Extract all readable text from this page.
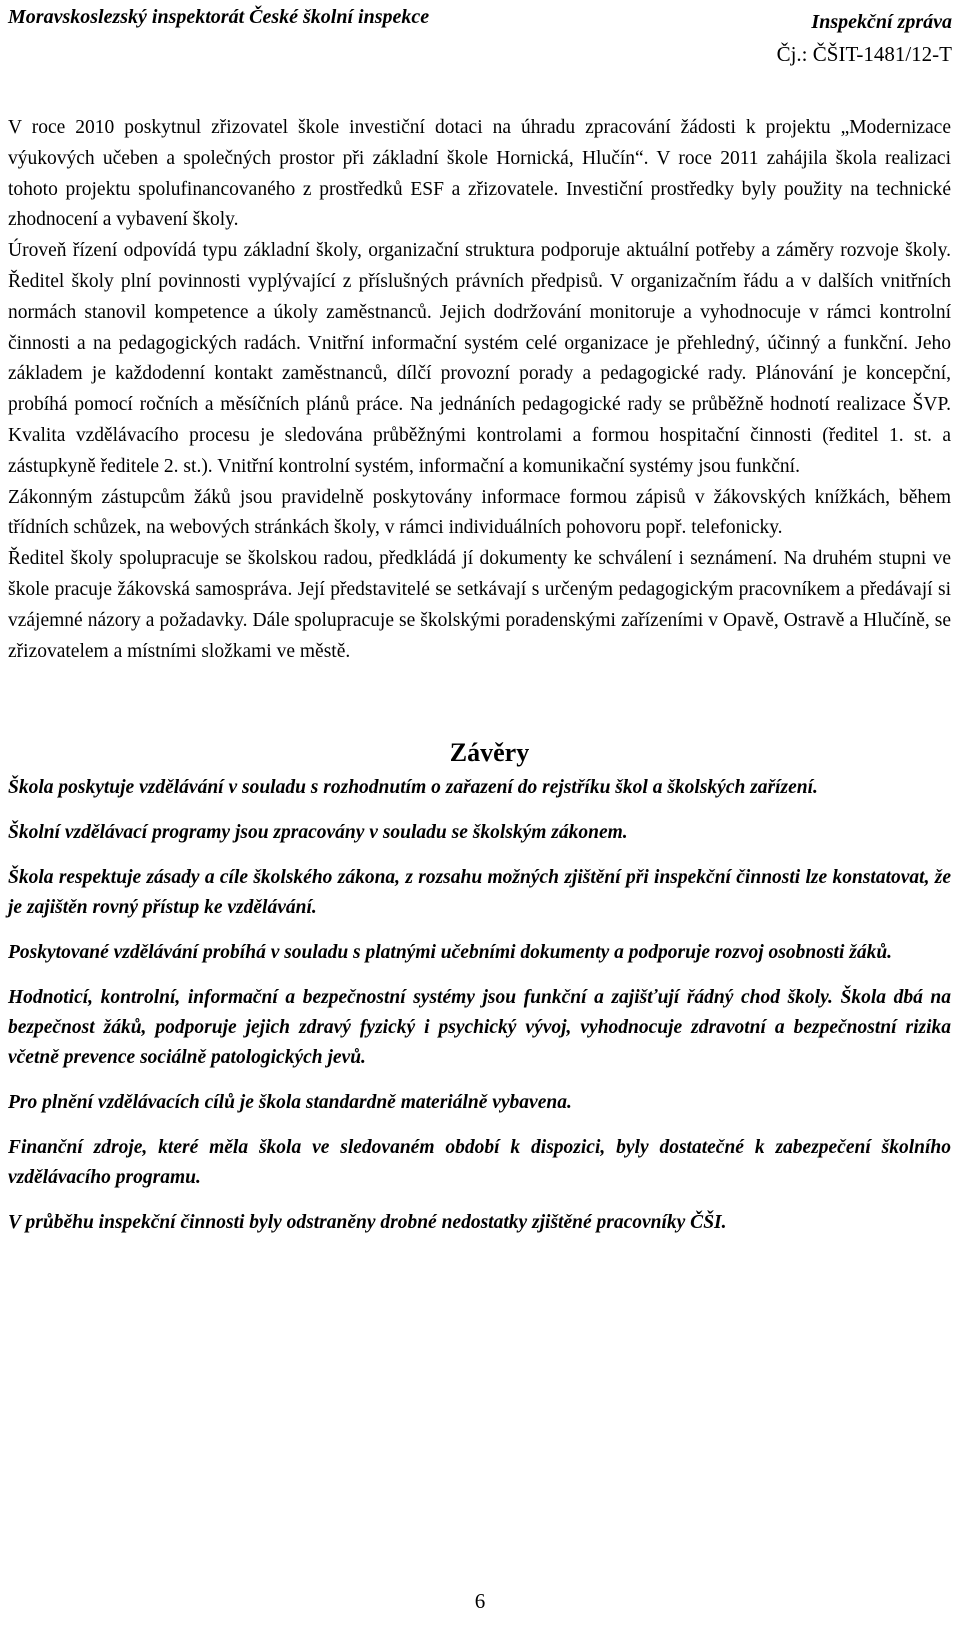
Moravskoslezský inspektorát České školní inspekce	Inspekční zpráva
Čj.: ČŠIT-1481/12-T

V roce 2010 poskytnul zřizovatel škole investiční dotaci na úhradu zpracování žádosti k projektu „Modernizace výukových učeben a společných prostor při základní škole Hornická, Hlučín“. V roce 2011 zahájila škola realizaci tohoto projektu spolufinancovaného z prostředků ESF a zřizovatele. Investiční prostředky byly použity na technické zhodnocení a vybavení školy.

Úroveň řízení odpovídá typu základní školy, organizační struktura podporuje aktuální potřeby a záměry rozvoje školy. Ředitel školy plní povinnosti vyplývající z příslušných právních předpisů. V organizačním řádu a v dalších vnitřních normách stanovil kompetence a úkoly zaměstnanců. Jejich dodržování monitoruje a vyhodnocuje v rámci kontrolní činnosti a na pedagogických radách. Vnitřní informační systém celé organizace je přehledný, účinný a funkční. Jeho základem je každodenní kontakt zaměstnanců, dílčí provozní porady a pedagogické rady. Plánování je koncepční, probíhá pomocí ročních a měsíčních plánů práce. Na jednáních pedagogické rady se průběžně hodnotí realizace ŠVP. Kvalita vzdělávacího procesu je sledována průběžnými kontrolami a formou hospitační činnosti (ředitel 1. st. a zástupkyně ředitele 2. st.). Vnitřní kontrolní systém, informační a komunikační systémy jsou funkční.

Zákonným zástupcům žáků jsou pravidelně poskytovány informace formou zápisů v žákovských knížkách, během třídních schůzek, na webových stránkách školy, v rámci individuálních pohovoru popř. telefonicky.

Ředitel školy spolupracuje se školskou radou, předkládá jí dokumenty ke schválení i seznámení. Na druhém stupni ve škole pracuje žákovská samospráva. Její představitelé se setkávají s určeným pedagogickým pracovníkem a předávají si vzájemné názory a požadavky. Dále spolupracuje se školskými poradenskými zařízeními v Opavě, Ostravě a Hlučíně, se zřizovatelem a místními složkami ve městě.

Závěry

Škola poskytuje vzdělávání v souladu s rozhodnutím o zařazení do rejstříku škol a školských zařízení.

Školní vzdělávací programy jsou zpracovány v souladu se školským zákonem.

Škola respektuje zásady a cíle školského zákona, z rozsahu možných zjištění při inspekční činnosti lze konstatovat, že je zajištěn rovný přístup ke vzdělávání.

Poskytované vzdělávání probíhá v souladu s platnými učebními dokumenty a podporuje rozvoj osobnosti žáků.

Hodnoticí, kontrolní, informační a bezpečnostní systémy jsou funkční a zajišťují řádný chod školy. Škola dbá na bezpečnost žáků, podporuje jejich zdravý fyzický i psychický vývoj, vyhodnocuje zdravotní a bezpečnostní rizika včetně prevence sociálně patologických jevů.

Pro plnění vzdělávacích cílů je škola standardně materiálně vybavena.

Finanční zdroje, které měla škola ve sledovaném období k dispozici, byly dostatečné k zabezpečení školního vzdělávacího programu.

V průběhu inspekční činnosti byly odstraněny drobné nedostatky zjištěné pracovníky ČŠI.

6
